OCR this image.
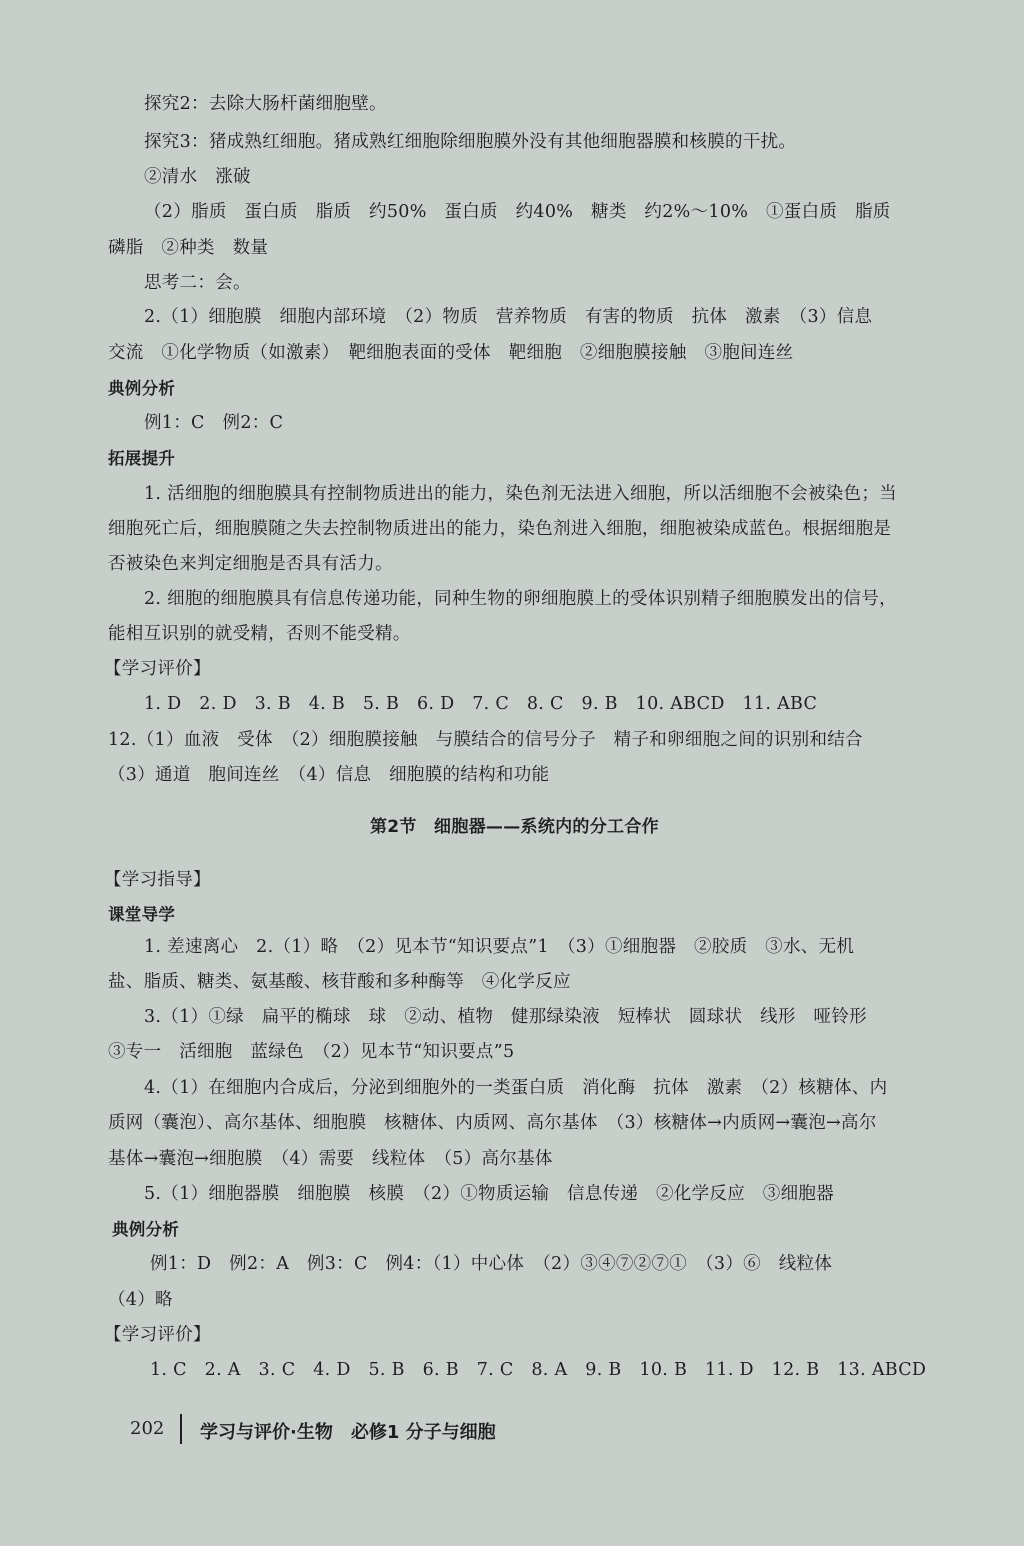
探究2：去除大肠杆菌细胞壁。
探究3：猪成熟红细胞。猪成熟红细胞除细胞膜外没有其他细胞器膜和核膜的干扰。
②清水　涨破
（2）脂质　蛋白质　脂质　约50%　蛋白质　约40%　糖类　约2%～10%　①蛋白质　脂质
磷脂　②种类　数量
思考二：会。
2.（1）细胞膜　细胞内部环境　（2）物质　营养物质　有害的物质　抗体　激素　（3）信息
交流　①化学物质（如激素）　靶细胞表面的受体　靶细胞　②细胞膜接触　③胞间连丝
典例分析
例1：C　例2：C
拓展提升
1. 活细胞的细胞膜具有控制物质进出的能力，染色剂无法进入细胞，所以活细胞不会被染色；当
细胞死亡后，细胞膜随之失去控制物质进出的能力，染色剂进入细胞，细胞被染成蓝色。根据细胞是
否被染色来判定细胞是否具有活力。
2. 细胞的细胞膜具有信息传递功能，同种生物的卵细胞膜上的受体识别精子细胞膜发出的信号，
能相互识别的就受精，否则不能受精。
【学习评价】
1. D　2. D　3. B　4. B　5. B　6. D　7. C　8. C　9. B　10. ABCD　11. ABC
12.（1）血液　受体　（2）细胞膜接触　与膜结合的信号分子　精子和卵细胞之间的识别和结合
（3）通道　胞间连丝　（4）信息　细胞膜的结构和功能
第2节　细胞器——系统内的分工合作
【学习指导】
课堂导学
1. 差速离心　2.（1）略　（2）见本节“知识要点”1　（3）①细胞器　②胶质　③水、无机
盐、脂质、糖类、氨基酸、核苷酸和多种酶等　④化学反应
3.（1）①绿　扁平的椭球　球　②动、植物　健那绿染液　短棒状　圆球状　线形　哑铃形
③专一　活细胞　蓝绿色　（2）见本节“知识要点”5
4.（1）在细胞内合成后，分泌到细胞外的一类蛋白质　消化酶　抗体　激素　（2）核糖体、内
质网（囊泡）、高尔基体、细胞膜　核糖体、内质网、高尔基体　（3）核糖体→内质网→囊泡→高尔
基体→囊泡→细胞膜　（4）需要　线粒体　（5）高尔基体
5.（1）细胞器膜　细胞膜　核膜　（2）①物质运输　信息传递　②化学反应　③细胞器
典例分析
例1：D　例2：A　例3：C　例4：（1）中心体　（2）③④⑦②⑦①　（3）⑥　线粒体
（4）略
【学习评价】
1. C　2. A　3. C　4. D　5. B　6. B　7. C　8. A　9. B　10. B　11. D　12. B　13. ABCD
202 学习与评价·生物　必修1 分子与细胞
